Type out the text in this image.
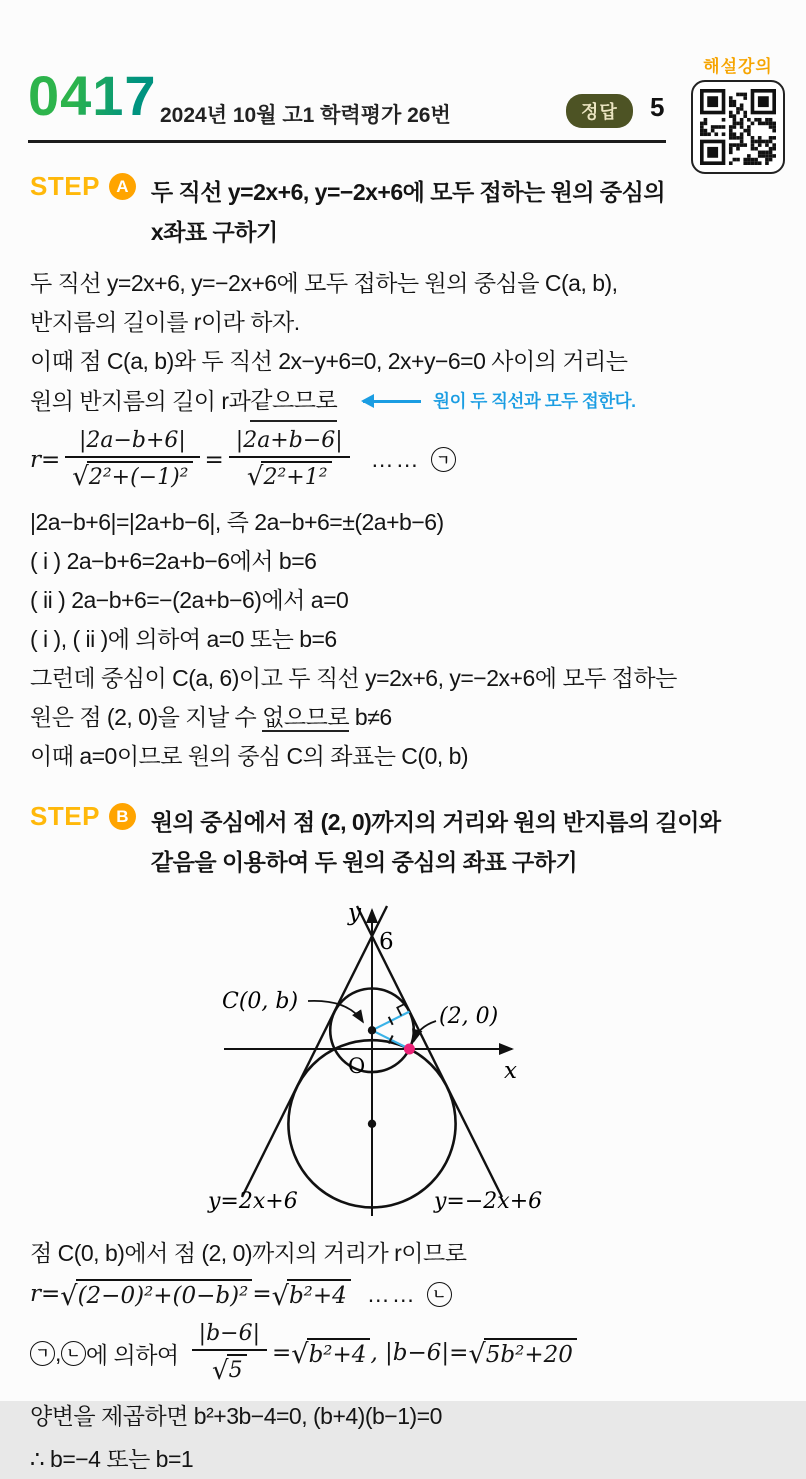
0417 2024년 10월 고1 학력평가 26번	정답	5
해설강의
STEP A 두 직선 y=2x+6, y=−2x+6에 모두 접하는 원의 중심의
x좌표 구하기
두 직선 y=2x+6, y=−2x+6에 모두 접하는 원의 중심을 C(a, b),
반지름의 길이를 r이라 하자.
이때 점 C(a, b)와 두 직선 2x−y+6=0, 2x+y−6=0 사이의 거리는
원의 반지름의 길이 r과 같으므로	원이 두 직선과 모두 접한다.
$r= \frac{|2a-b+6|}{\text{√ 2²+(−1)²}} = \frac{|2a+b-6|}{\text{√ 2²+1²}}$ ……	ㄱ
|2a−b+6|=|2a+b−6|, 즉 2a−b+6=±(2a+b−6)
( i ) 2a−b+6=2a+b−6에서 b=6
( ii ) 2a−b+6=−(2a+b−6)에서 a=0
( i ), ( ii )에 의하여 a=0 또는 b=6
그런데 중심이 C(a, 6)이고 두 직선 y=2x+6, y=−2x+6에 모두 접하는
원은 점 (2, 0)을 지날 수 없으므로 b≠6
이때 a=0이므로 원의 중심 C의 좌표는 C(0, b)
STEP B 원의 중심에서 점 (2, 0)까지의 거리와 원의 반지름의 길이와
같음을 이용하여 두 원의 중심의 좌표 구하기
y
x
O
6
C(0, b)
(2, 0)
y=2x+6	y=−2x+6
점 C(0, b)에서 점 (2, 0)까지의 거리가 r이므로
r= √ (2−0)²+(0−b)² = √ b²+4 ……	ㄴ
ㄱ , ㄴ 에 의하여 $\frac{|b-6|}{√ 5}$ = √ b²+4 , |b−6|= √ 5b²+20
양변을 제곱하면 b²+3b−4=0, (b+4)(b−1)=0
∴ b=−4 또는 b=1
